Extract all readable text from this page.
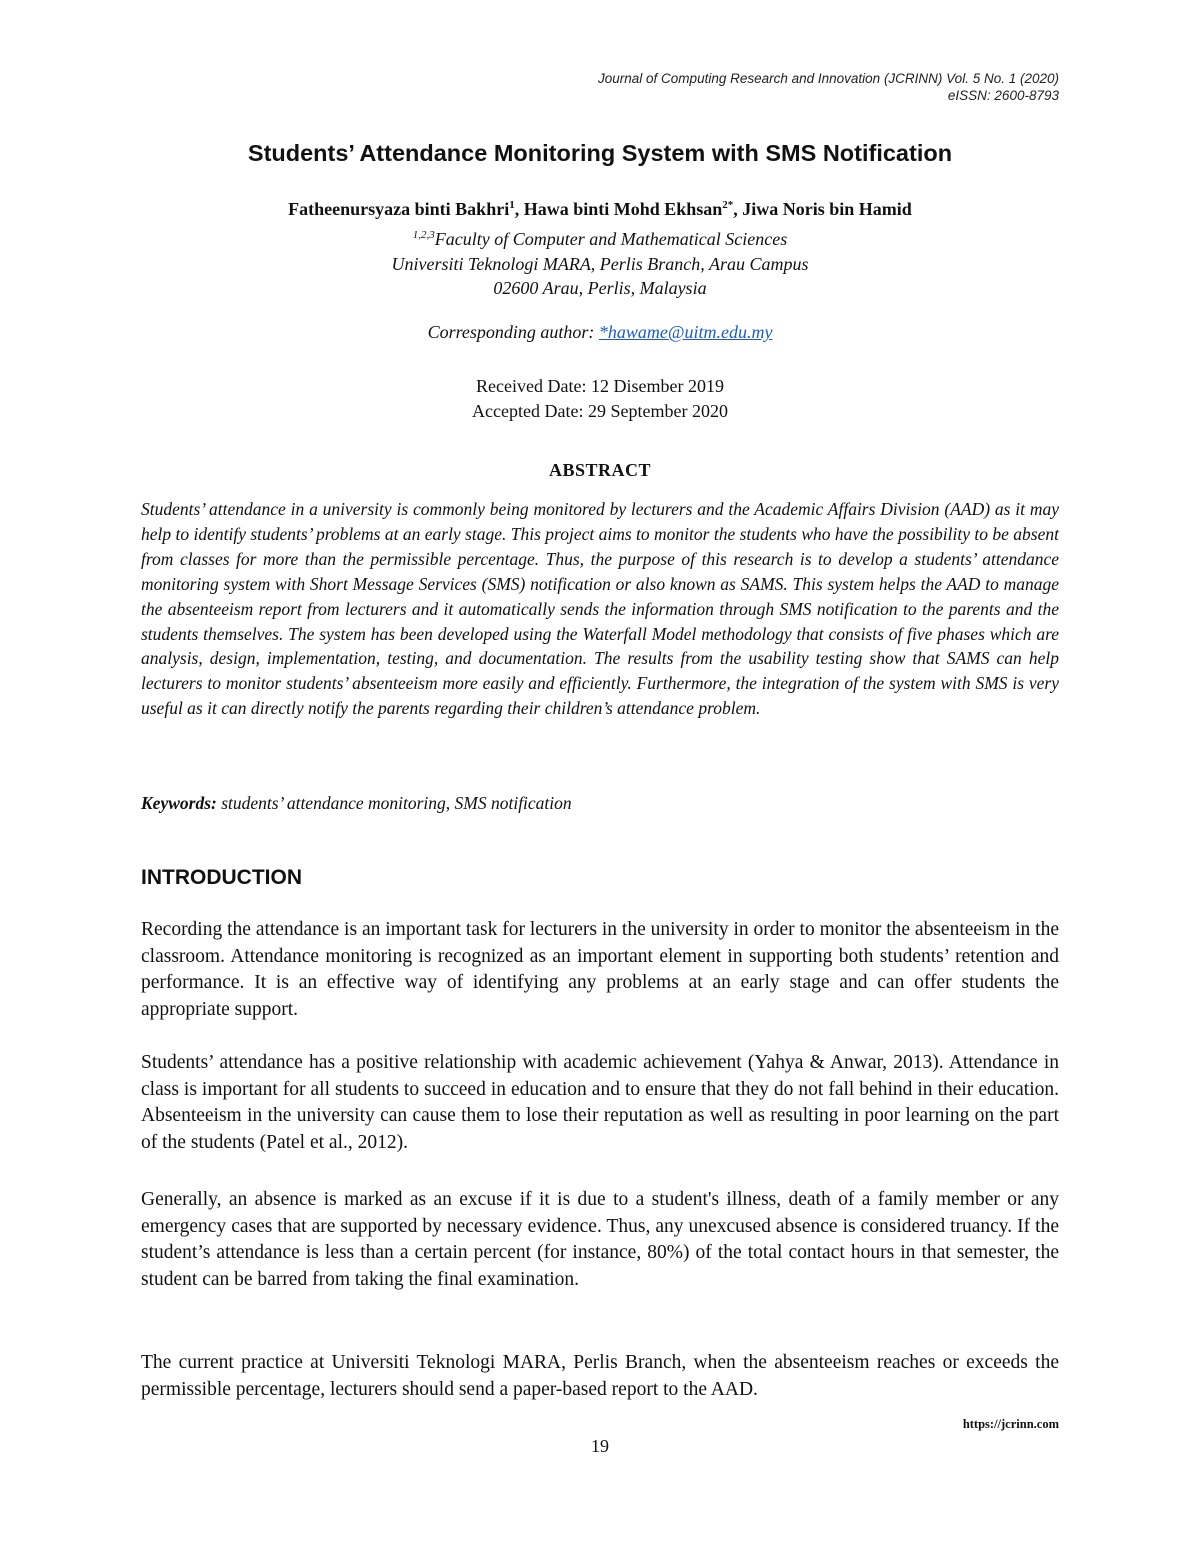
Journal of Computing Research and Innovation (JCRINN) Vol. 5 No. 1 (2020)
eISSN: 2600-8793
Students’ Attendance Monitoring System with SMS Notification
Fatheenursyaza binti Bakhri$^1$, Hawa binti Mohd Ekhsan$^{2*}$, Jiwa Noris bin Hamid
$^{1,2,3}$Faculty of Computer and Mathematical Sciences
Universiti Teknologi MARA, Perlis Branch, Arau Campus
02600 Arau, Perlis, Malaysia
Corresponding author: *hawame@uitm.edu.my
Received Date: 12 Disember 2019
Accepted Date: 29 September 2020
ABSTRACT

Students’ attendance in a university is commonly being monitored by lecturers and the Academic Affairs Division (AAD) as it may help to identify students’ problems at an early stage. This project aims to monitor the students who have the possibility to be absent from classes for more than the permissible percentage. Thus, the purpose of this research is to develop a students’ attendance monitoring system with Short Message Services (SMS) notification or also known as SAMS. This system helps the AAD to manage the absenteeism report from lecturers and it automatically sends the information through SMS notification to the parents and the students themselves. The system has been developed using the Waterfall Model methodology that consists of five phases which are analysis, design, implementation, testing, and documentation. The results from the usability testing show that SAMS can help lecturers to monitor students’ absenteeism more easily and efficiently. Furthermore, the integration of the system with SMS is very useful as it can directly notify the parents regarding their children’s attendance problem.

Keywords: students’ attendance monitoring, SMS notification

INTRODUCTION

Recording the attendance is an important task for lecturers in the university in order to monitor the absenteeism in the classroom. Attendance monitoring is recognized as an important element in supporting both students’ retention and performance. It is an effective way of identifying any problems at an early stage and can offer students the appropriate support.

Students’ attendance has a positive relationship with academic achievement (Yahya & Anwar, 2013). Attendance in class is important for all students to succeed in education and to ensure that they do not fall behind in their education. Absenteeism in the university can cause them to lose their reputation as well as resulting in poor learning on the part of the students (Patel et al., 2012).

Generally, an absence is marked as an excuse if it is due to a student's illness, death of a family member or any emergency cases that are supported by necessary evidence. Thus, any unexcused absence is considered truancy. If the student’s attendance is less than a certain percent (for instance, 80%) of the total contact hours in that semester, the student can be barred from taking the final examination.

The current practice at Universiti Teknologi MARA, Perlis Branch, when the absenteeism reaches or exceeds the permissible percentage, lecturers should send a paper-based report to the AAD.

https://jcrinn.com
19
